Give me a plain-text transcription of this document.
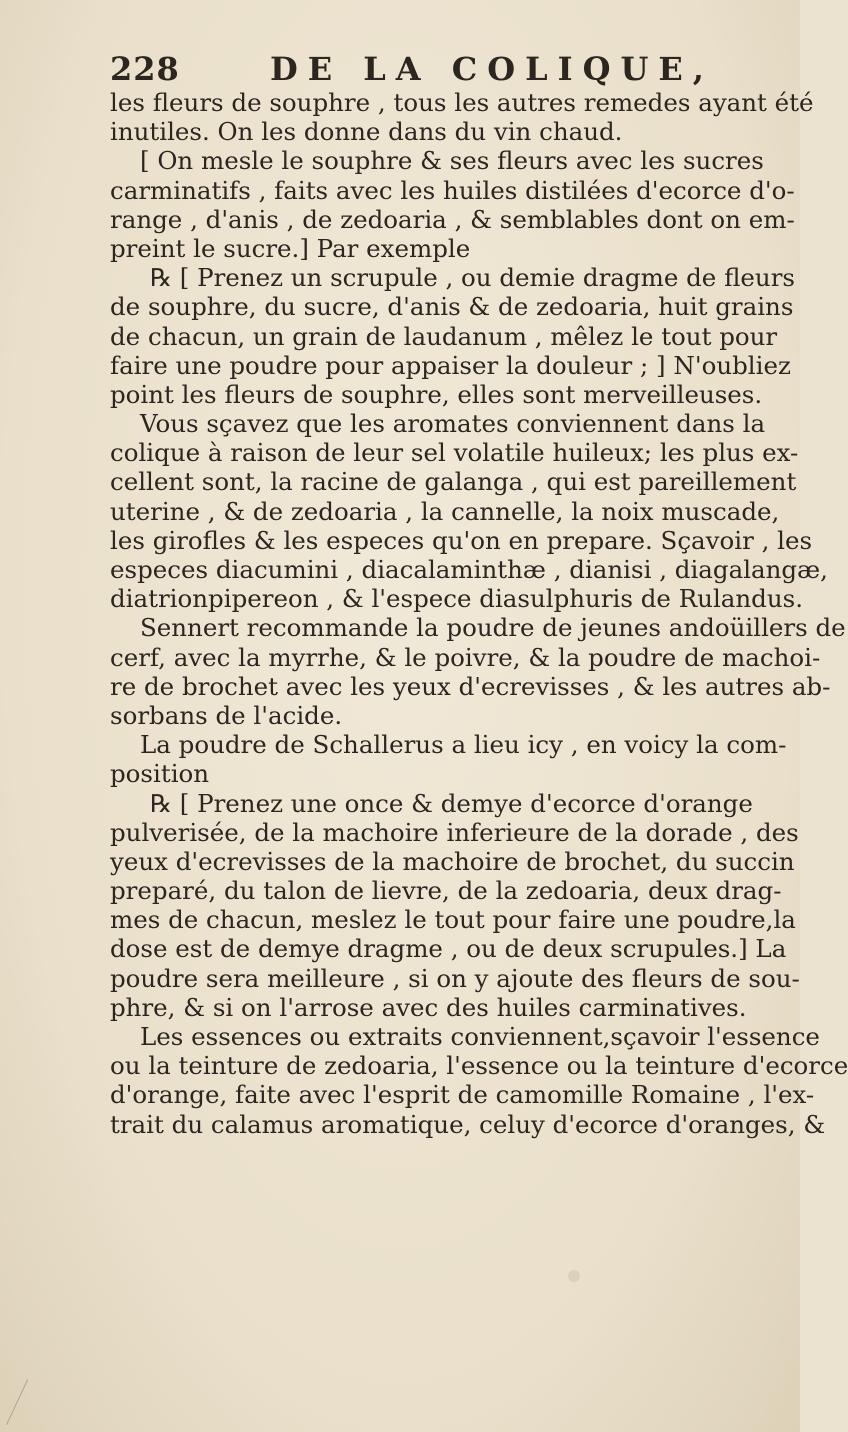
228	DE LA COLIQUE,
les fleurs de souphre , tous les autres remedes ayant été
inutiles. On les donne dans du vin chaud.
[ On mesle le souphre & ses fleurs avec les sucres
carminatifs , faits avec les huiles distilées d'ecorce d'o-
range , d'anis , de zedoaria , & semblables dont on em-
preint le sucre.] Par exemple
℞ [ Prenez un scrupule , ou demie dragme de fleurs
de souphre, du sucre, d'anis & de zedoaria, huit grains
de chacun, un grain de laudanum , mêlez le tout pour
faire une poudre pour appaiser la douleur ; ] N'oubliez
point les fleurs de souphre, elles sont merveilleuses.
Vous sçavez que les aromates conviennent dans la
colique à raison de leur sel volatile huileux; les plus ex-
cellent sont, la racine de galanga , qui est pareillement
uterine , & de zedoaria , la cannelle, la noix muscade,
les girofles & les especes qu'on en prepare. Sçavoir , les
especes diacumini , diacalaminthæ , dianisi , diagalangæ,
diatrionpipereon , & l'espece diasulphuris de Rulandus.
Sennert recommande la poudre de jeunes andoüillers de
cerf, avec la myrrhe, & le poivre, & la poudre de machoi-
re de brochet avec les yeux d'ecrevisses , & les autres ab-
sorbans de l'acide.
La poudre de Schallerus a lieu icy , en voicy la com-
position
℞ [ Prenez une once & demye d'ecorce d'orange
pulverisée, de la machoire inferieure de la dorade , des
yeux d'ecrevisses de la machoire de brochet, du succin
preparé, du talon de lievre, de la zedoaria, deux drag-
mes de chacun, meslez le tout pour faire une poudre,la
dose est de demye dragme , ou de deux scrupules.] La
poudre sera meilleure , si on y ajoute des fleurs de sou-
phre, & si on l'arrose avec des huiles carminatives.
Les essences ou extraits conviennent,sçavoir l'essence
ou la teinture de zedoaria, l'essence ou la teinture d'ecorce
d'orange, faite avec l'esprit de camomille Romaine , l'ex-
trait du calamus aromatique, celuy d'ecorce d'oranges, &
